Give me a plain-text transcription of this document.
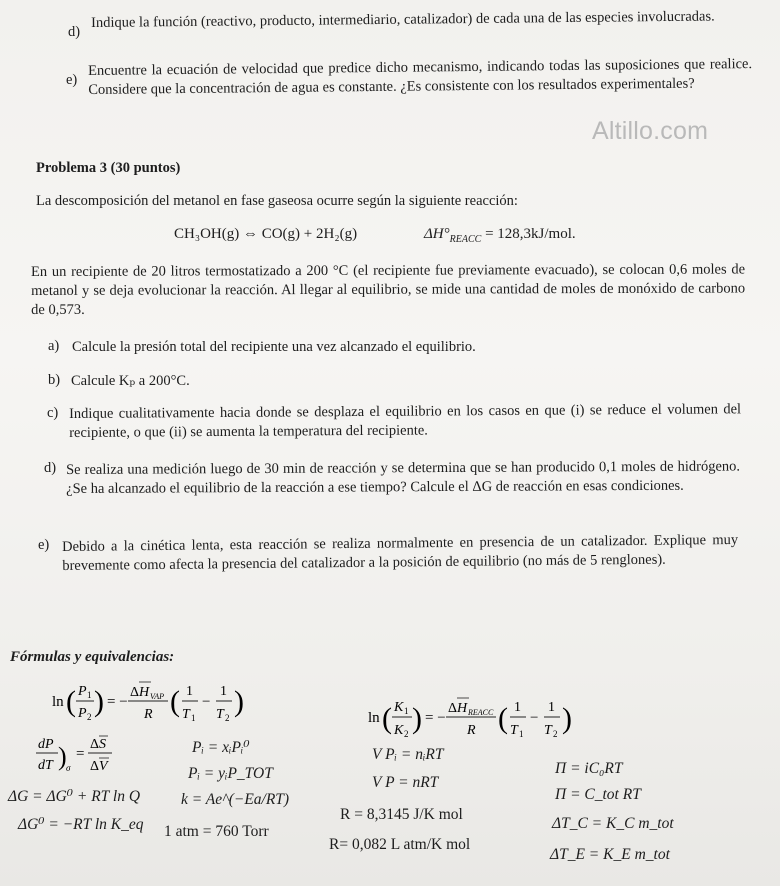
d)
Indique la función (reactivo, producto, intermediario, catalizador) de cada una de las especies involucradas.
e)
Encuentre la ecuación de velocidad que predice dicho mecanismo, indicando todas las suposiciones que realice. Considere que la concentración de agua es constante. ¿Es consistente con los resultados experimentales?
Altillo.com
Problema 3 (30 puntos)
La descomposición del metanol en fase gaseosa ocurre según la siguiente reacción:
CH₃OH(g) ⇔ CO(g) + 2H₂(g)	$\Delta H^\circ_{REACC} = 128,3kJ/mol$.
En un recipiente de 20 litros termostatizado a 200 °C (el recipiente fue previamente evacuado), se colocan 0,6 moles de metanol y se deja evolucionar la reacción. Al llegar al equilibrio, se mide una cantidad de moles de monóxido de carbono de 0,573.
a) Calcule la presión total del recipiente una vez alcanzado el equilibrio.
b) Calcule Kₚ a 200°C.
c) Indique cualitativamente hacia donde se desplaza el equilibrio en los casos en que (i) se reduce el volumen del recipiente, o que (ii) se aumenta la temperatura del recipiente.
d) Se realiza una medición luego de 30 min de reacción y se determina que se han producido 0,1 moles de hidrógeno. ¿Se ha alcanzado el equilibrio de la reacción a ese tiempo? Calcule el ΔG de reacción en esas condiciones.
e) Debido a la cinética lenta, esta reacción se realiza normalmente en presencia de un catalizador. Explique muy brevemente como afecta la presencia del catalizador a la posición de equilibrio (no más de 5 renglones).
Fórmulas y equivalencias:
ln ( P 1
P 2 ) = −
Δ H VAP
R ( 1
T 1
−
1
T 2 )	ln ( K 1
K 2 ) = −
Δ H REACC
R ( 1
T 1
−
1
T 2 )
dP
dT ) σ
=
Δ S
Δ V
Pᵢ = xᵢPᵢ⁰
Pᵢ = yᵢP_TOT
k = Ae^(−Ea/RT)
1 atm = 760 Torr
V Pᵢ = nᵢRT
V P = nRT
R = 8,3145 J/K mol
R= 0,082 L atm/K mol
Π = iC₀RT
Π = C_tot RT
ΔT_C = K_C m_tot
ΔT_E = K_E m_tot
ΔG = ΔG⁰ + RT ln Q
ΔG⁰ = −RT ln K_eq
